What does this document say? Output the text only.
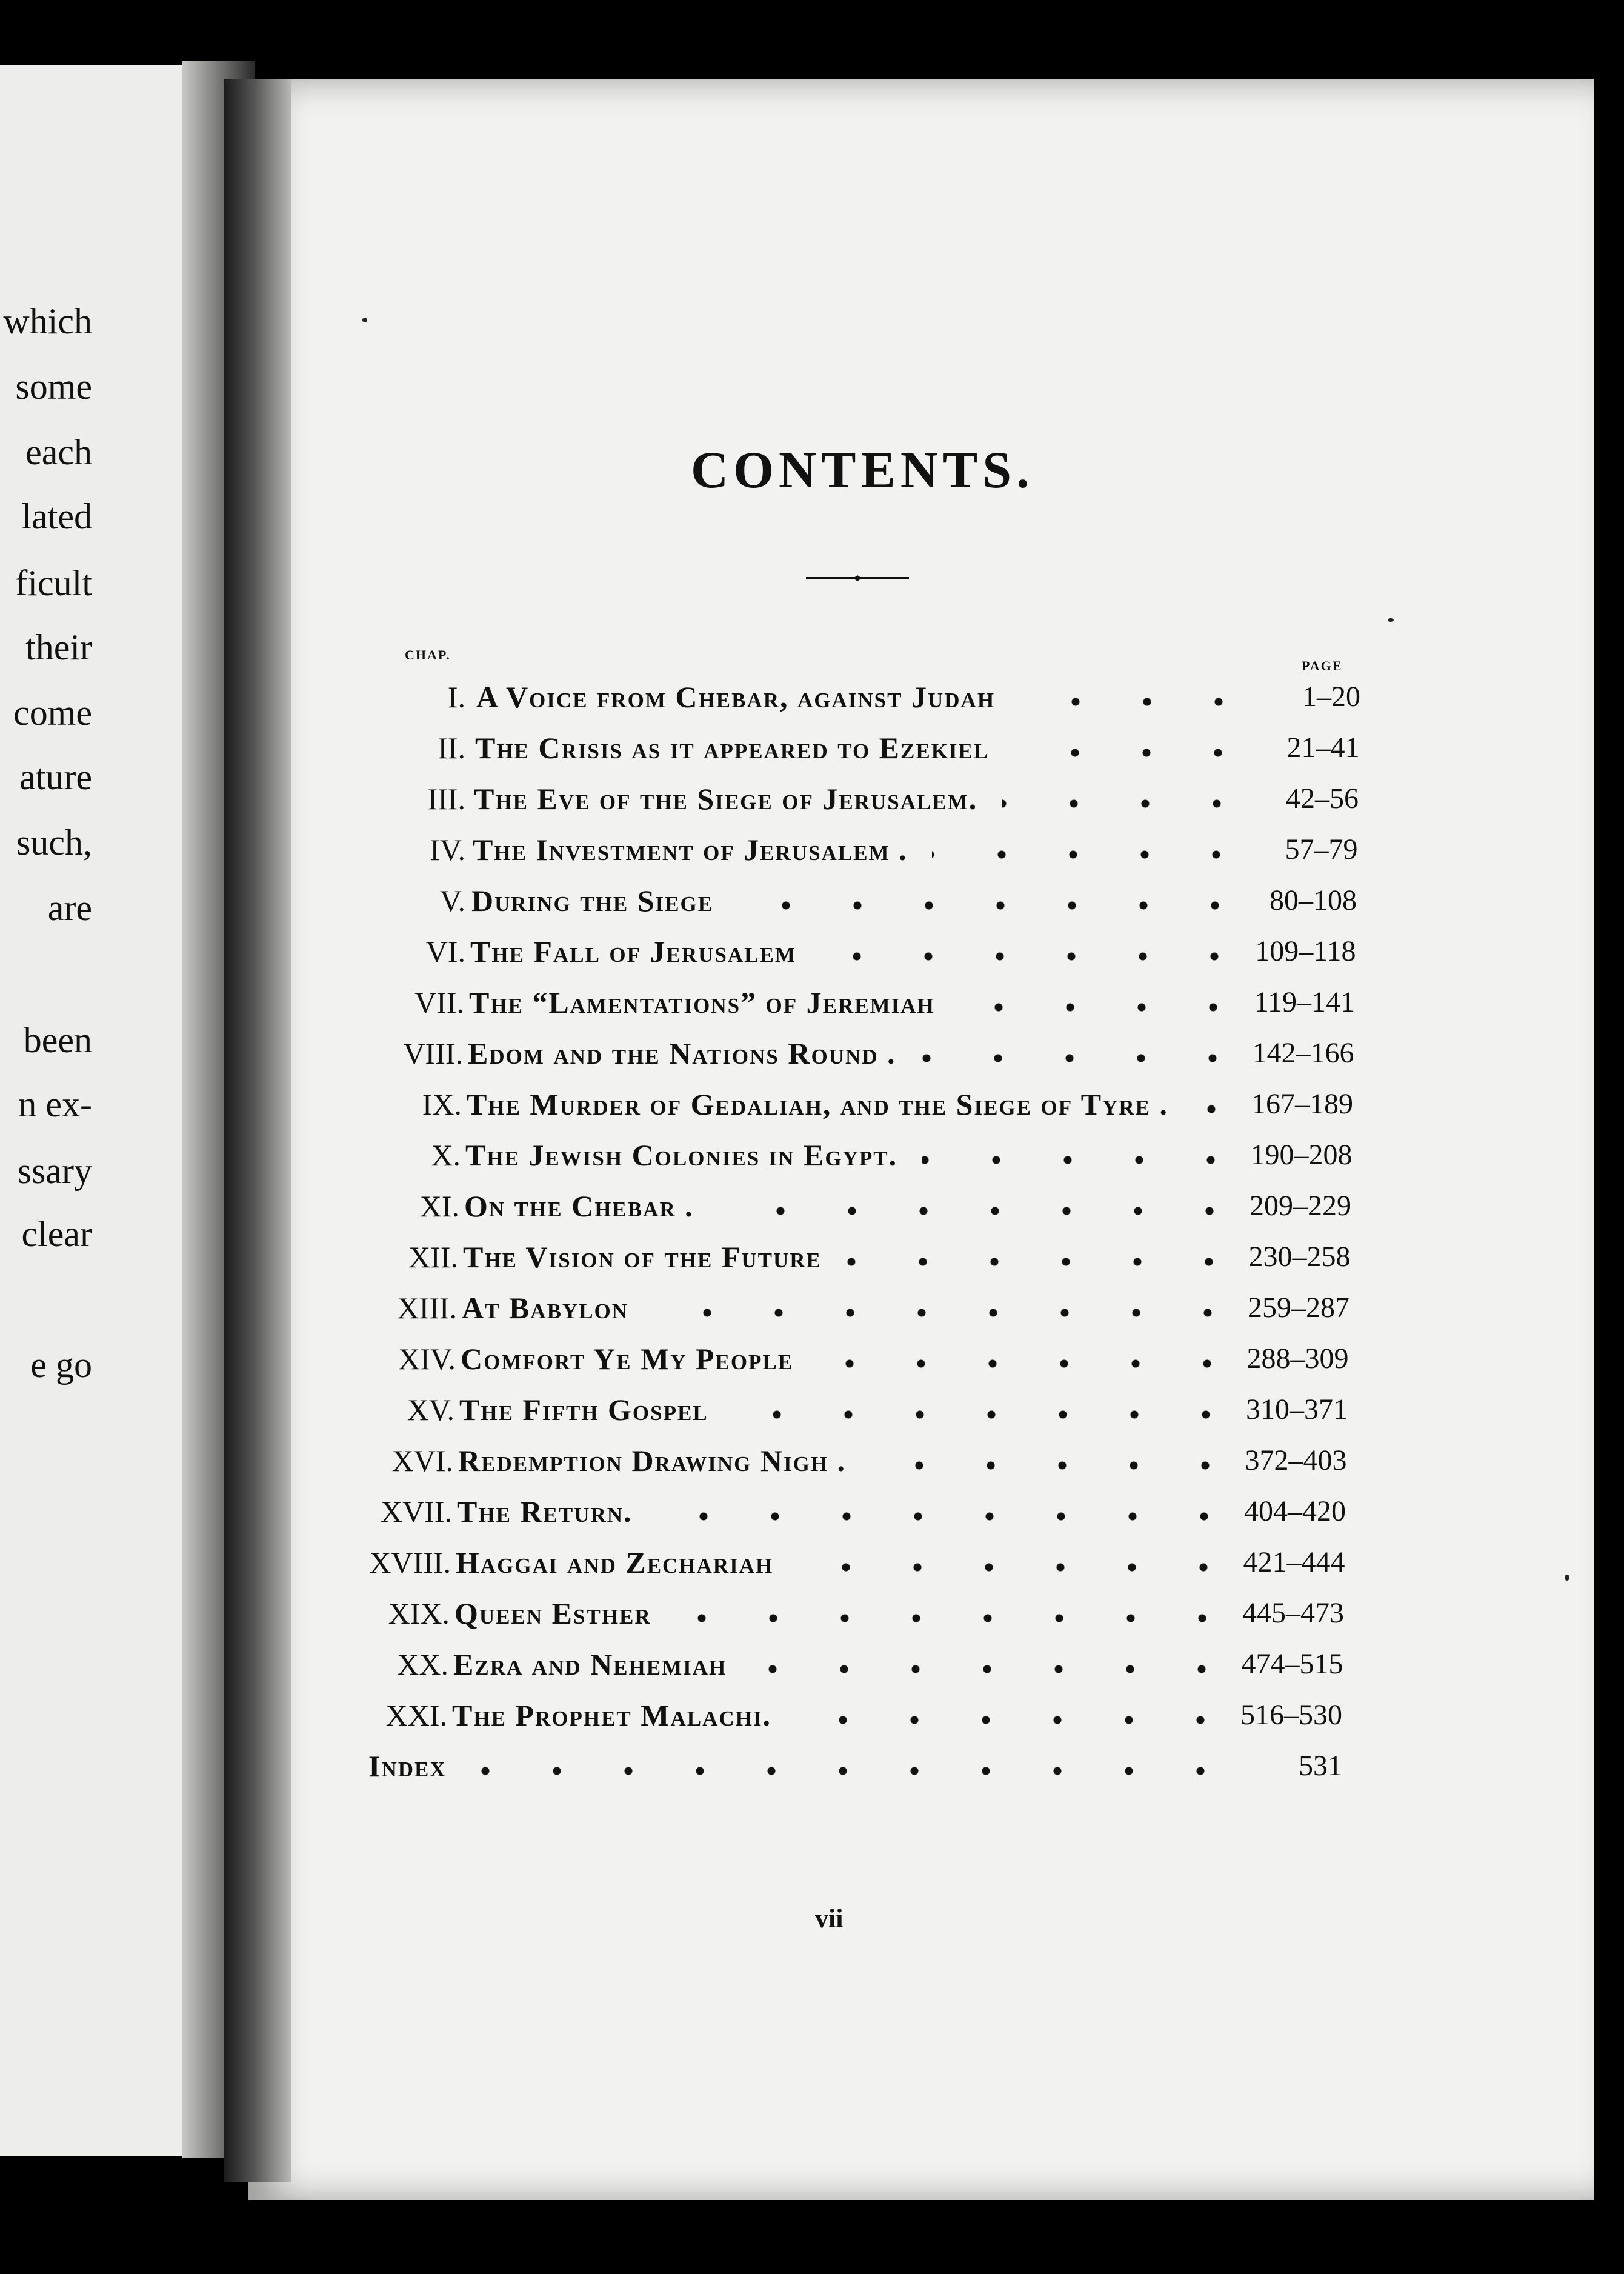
which
some
each
lated
ficult
their
come
ature
such,
are
been
n ex-
ssary
clear
e go
CONTENTS.
CHAP.
PAGE
I. A Voice from Chebar, against Judah	1–20
II. The Crisis as it appeared to Ezekiel	21–41
III. The Eve of the Siege of Jerusalem.	42–56
IV. The Investment of Jerusalem .	57–79
V. During the Siege	80–108
VI. The Fall of Jerusalem	109–118
VII. The “Lamentations” of Jeremiah	119–141
VIII. Edom and the Nations Round .	142–166
IX. The Murder of Gedaliah, and the Siege of Tyre .	167–189
X. The Jewish Colonies in Egypt.	190–208
XI. On the Chebar .	209–229
XII. The Vision of the Future	230–258
XIII. At Babylon	259–287
XIV. Comfort Ye My People	288–309
XV. The Fifth Gospel	310–371
XVI. Redemption Drawing Nigh .	372–403
XVII. The Return.	404–420
XVIII. Haggai and Zechariah	421–444
XIX. Queen Esther	445–473
XX. Ezra and Nehemiah	474–515
XXI. The Prophet Malachi.	516–530
Index	531
vii
